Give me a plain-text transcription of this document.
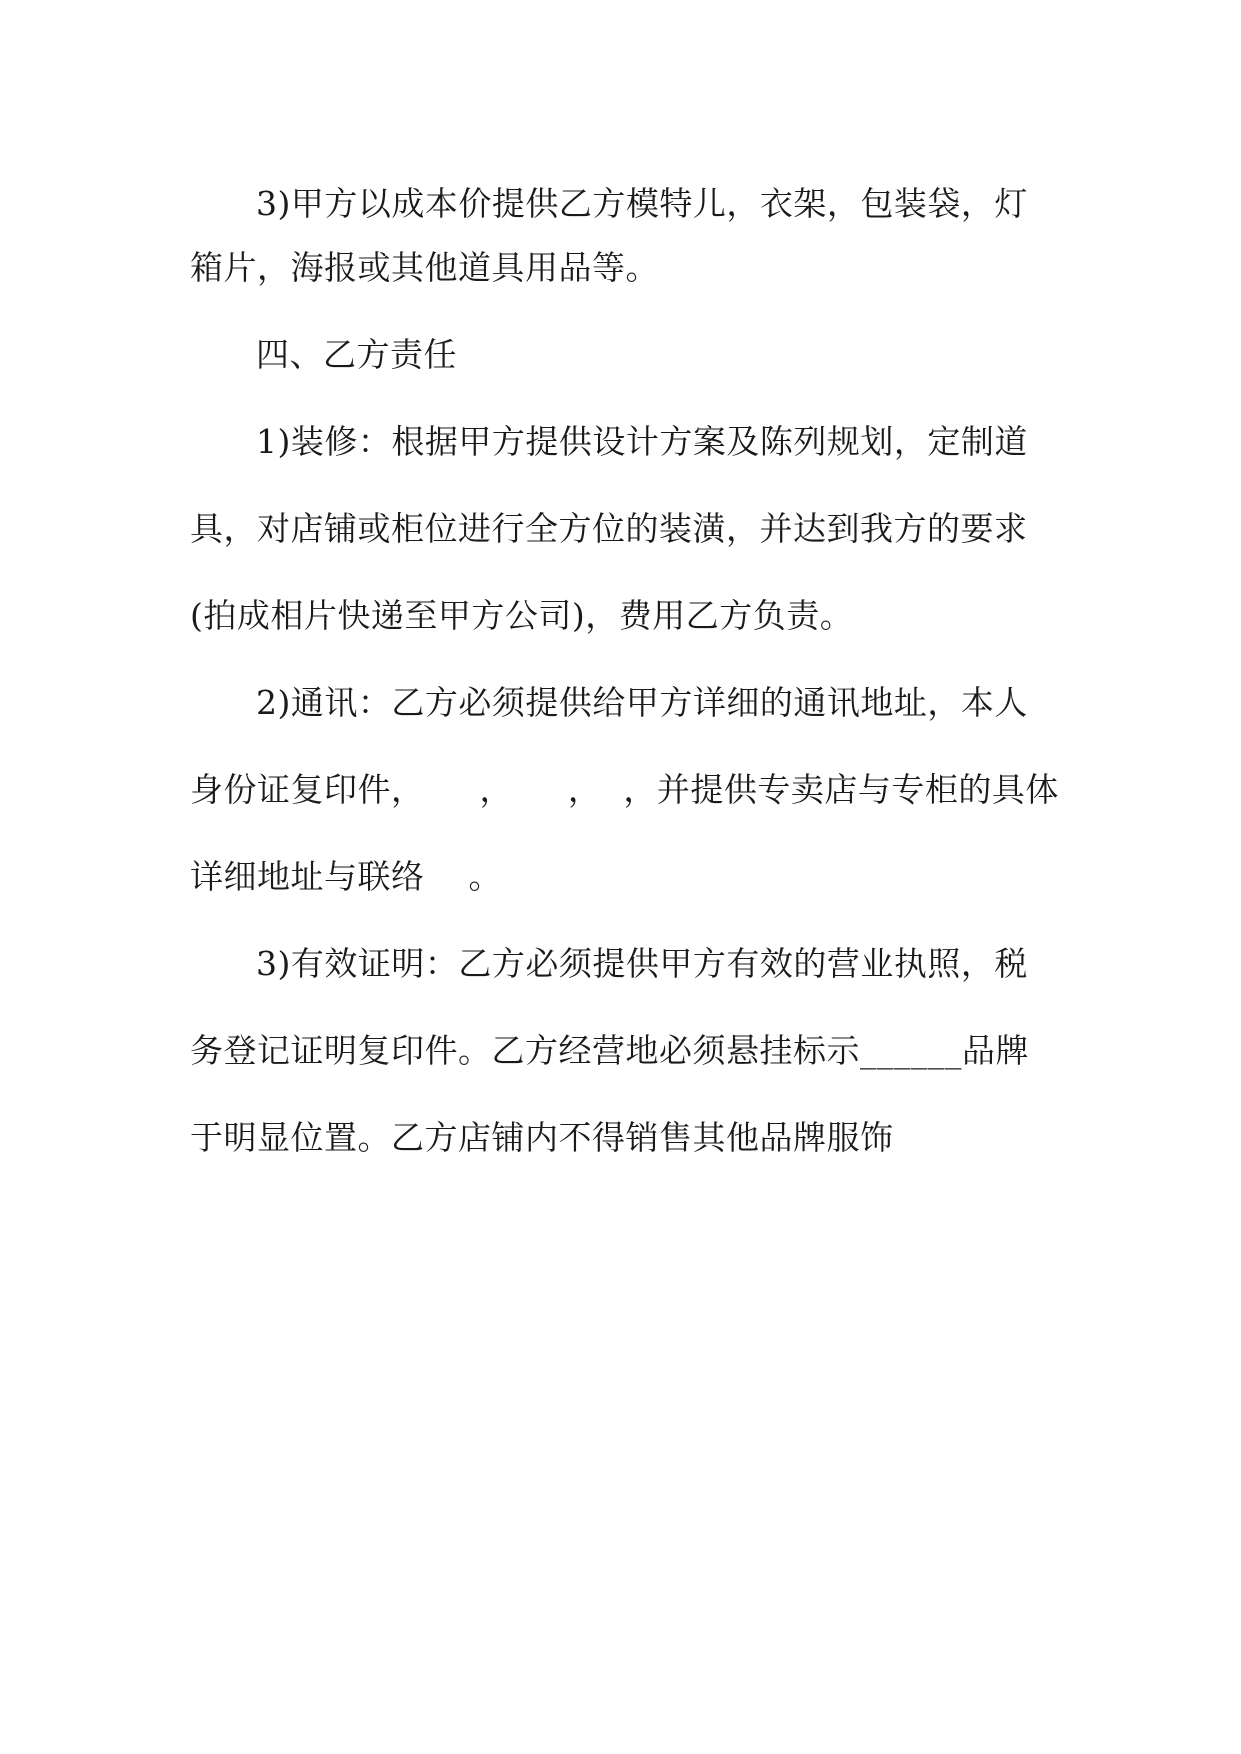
3)甲方以成本价提供乙方模特儿，衣架，包装袋，灯
箱片，海报或其他道具用品等。
四、乙方责任
1)装修：根据甲方提供设计方案及陈列规划，定制道
具，对店铺或柜位进行全方位的装潢，并达到我方的要求
(拍成相片快递至甲方公司)，费用乙方负责。
2)通讯：乙方必须提供给甲方详细的通讯地址，本人
身份证复印件，     ，     ，  ，并提供专卖店与专柜的具体
详细地址与联络    。
3)有效证明：乙方必须提供甲方有效的营业执照，税
务登记证明复印件。乙方经营地必须悬挂标示______品牌
于明显位置。乙方店铺内不得销售其他品牌服饰
